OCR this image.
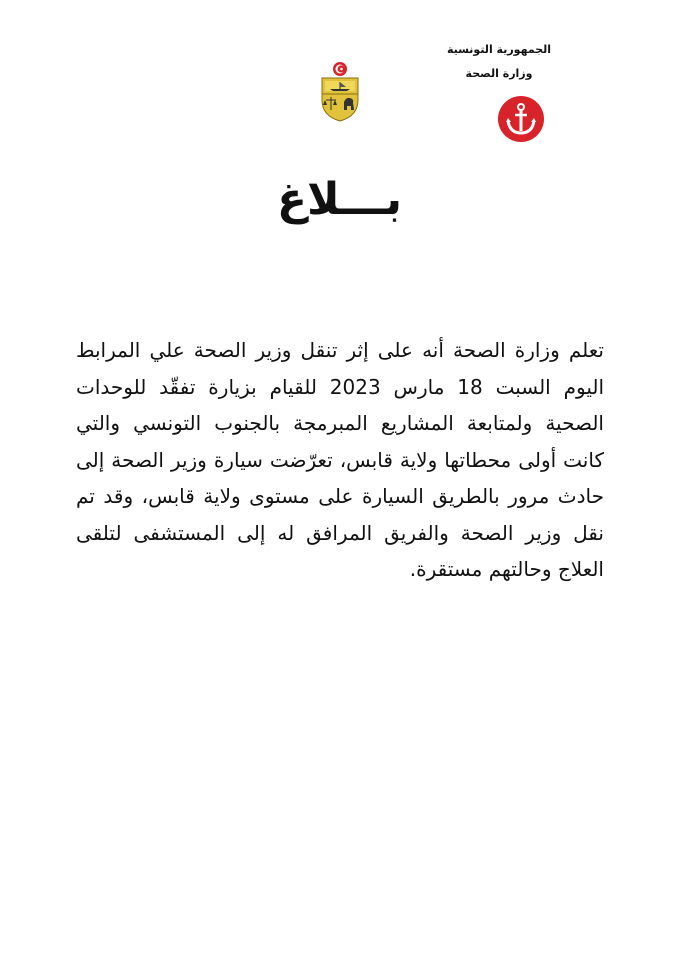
الجمهورية التونسية
وزارة الصحة
بـــلاغ
تعلم وزارة الصحة أنه على إثر تنقل وزير الصحة علي المرابط اليوم السبت 18 مارس 2023 للقيام بزيارة تفقّد للوحدات الصحية ولمتابعة المشاريع المبرمجة بالجنوب التونسي والتي كانت أولى محطاتها ولاية قابس، تعرّضت سيارة وزير الصحة إلى حادث مرور بالطريق السيارة على مستوى ولاية قابس، وقد تم نقل وزير الصحة والفريق المرافق له إلى المستشفى لتلقى العلاج وحالتهم مستقرة.
